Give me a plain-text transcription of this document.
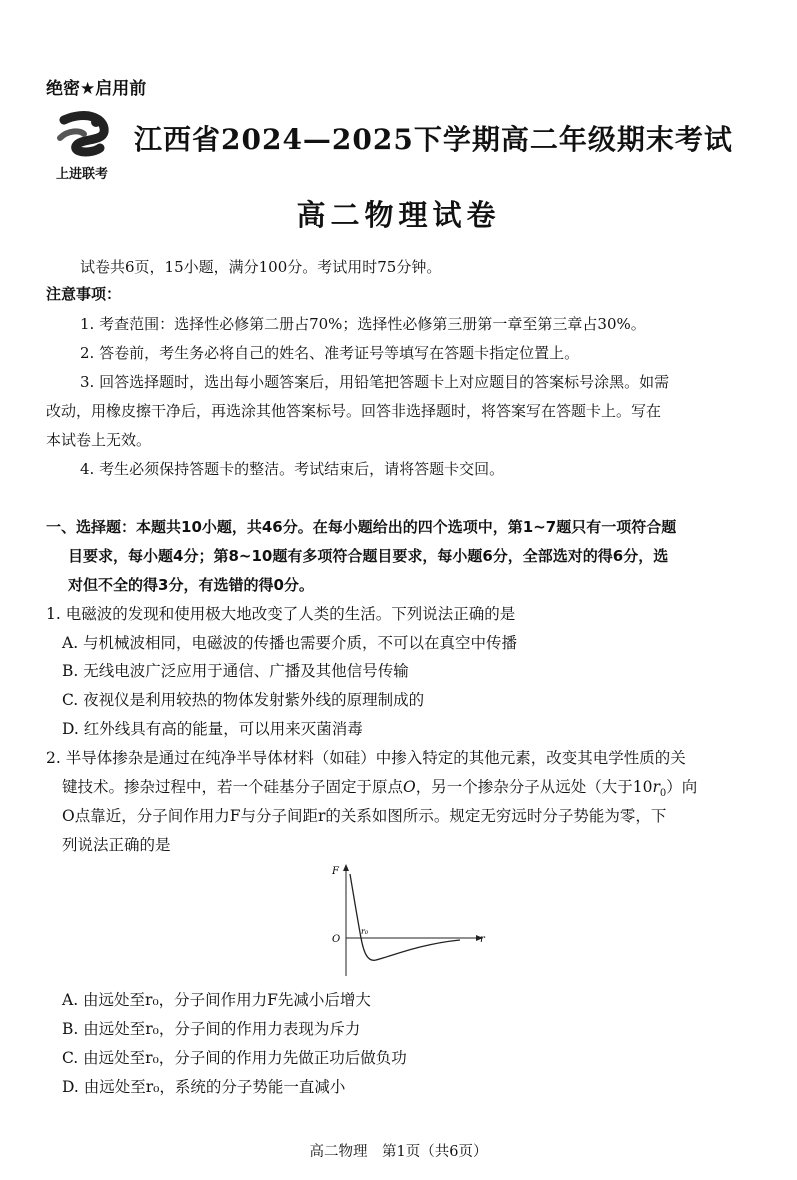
绝密★启用前
上进联考
江西省2024—2025下学期高二年级期末考试
高二物理试卷
试卷共6页，15小题，满分100分。考试用时75分钟。
注意事项：
1. 考查范围：选择性必修第二册占70%；选择性必修第三册第一章至第三章占30%。
2. 答卷前，考生务必将自己的姓名、准考证号等填写在答题卡指定位置上。
3. 回答选择题时，选出每小题答案后，用铅笔把答题卡上对应题目的答案标号涂黑。如需
改动，用橡皮擦干净后，再选涂其他答案标号。回答非选择题时，将答案写在答题卡上。写在
本试卷上无效。
4. 考生必须保持答题卡的整洁。考试结束后，请将答题卡交回。
一、选择题：本题共10小题，共46分。在每小题给出的四个选项中，第1~7题只有一项符合题
目要求，每小题4分；第8~10题有多项符合题目要求，每小题6分，全部选对的得6分，选
对但不全的得3分，有选错的得0分。
1. 电磁波的发现和使用极大地改变了人类的生活。下列说法正确的是
A. 与机械波相同，电磁波的传播也需要介质，不可以在真空中传播
B. 无线电波广泛应用于通信、广播及其他信号传输
C. 夜视仪是利用较热的物体发射紫外线的原理制成的
D. 红外线具有高的能量，可以用来灭菌消毒
2. 半导体掺杂是通过在纯净半导体材料（如硅）中掺入特定的其他元素，改变其电学性质的关
键技术。掺杂过程中，若一个硅基分子固定于原点O，另一个掺杂分子从远处（大于$10r_0$）向
O点靠近，分子间作用力F与分子间距r的关系如图所示。规定无穷远时分子势能为零，下
列说法正确的是
F
O
r₀
r
A. 由远处至r₀，分子间作用力F先减小后增大
B. 由远处至r₀，分子间的作用力表现为斥力
C. 由远处至r₀，分子间的作用力先做正功后做负功
D. 由远处至r₀，系统的分子势能一直减小
高二物理　第1页（共6页）
